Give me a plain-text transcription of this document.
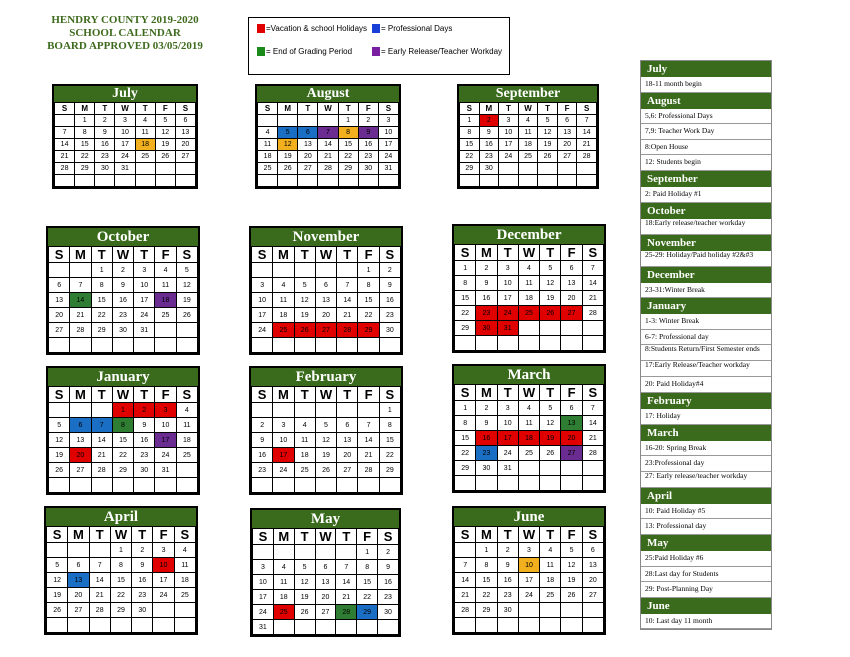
HENDRY COUNTY 2019-2020
SCHOOL CALENDAR
BOARD APPROVED 03/05/2019
=Vacation & school Holidays = Professional Days
= End of Grading Period	= Early Release/Teacher Workday
July
S	M	T	W	T	F	S
	1	2	3	4	5	6
7	8	9	10	11	12	13
14	15	16	17	18	19	20
21	22	23	24	25	26	27
28	29	30	31			

August
S	M	T	W	T	F	S
				1	2	3
4	5	6	7	8	9	10
11	12	13	14	15	16	17
18	19	20	21	22	23	24
25	26	27	28	29	30	31

September
S	M	T	W	T	F	S
1	2	3	4	5	6	7
8	9	10	11	12	13	14
15	16	17	18	19	20	21
22	23	24	25	26	27	28
29	30					

October
S	M	T	W	T	F	S
		1	2	3	4	5
6	7	8	9	10	11	12
13	14	15	16	17	18	19
20	21	22	23	24	25	26
27	28	29	30	31		

November
S	M	T	W	T	F	S
					1	2
3	4	5	6	7	8	9
10	11	12	13	14	15	16
17	18	19	20	21	22	23
24	25	26	27	28	29	30

December
S	M	T	W	T	F	S
1	2	3	4	5	6	7
8	9	10	11	12	13	14
15	16	17	18	19	20	21
22	23	24	25	26	27	28
29	30	31				

January
S	M	T	W	T	F	S
			1	2	3	4
5	6	7	8	9	10	11
12	13	14	15	16	17	18
19	20	21	22	23	24	25
26	27	28	29	30	31	

February
S	M	T	W	T	F	S
						1
2	3	4	5	6	7	8
9	10	11	12	13	14	15
16	17	18	19	20	21	22
23	24	25	26	27	28	29

March
S	M	T	W	T	F	S
1	2	3	4	5	6	7
8	9	10	11	12	13	14
15	16	17	18	19	20	21
22	23	24	25	26	27	28
29	30	31				

April
S	M	T	W	T	F	S
			1	2	3	4
5	6	7	8	9	10	11
12	13	14	15	16	17	18
19	20	21	22	23	24	25
26	27	28	29	30		

May
S	M	T	W	T	F	S
					1	2
3	4	5	6	7	8	9
10	11	12	13	14	15	16
17	18	19	20	21	22	23
24	25	26	27	28	29	30
31						
June
S	M	T	W	T	F	S
	1	2	3	4	5	6
7	8	9	10	11	12	13
14	15	16	17	18	19	20
21	22	23	24	25	26	27
28	29	30				

July
18-11 month begin
August
5,6: Professional Days
7,9: Teacher Work Day
8:Open House
12: Students begin
September
2: Paid Holiday #1
October
18:Early release/teacher workday
November
25-29: Holiday/Paid holiday #2&#3
December
23-31:Winter Break
January
1-3: Winter Break
6-7: Professional day
8:Students Return/First Semester ends
17:Early Release/Teacher workday
20: Paid Holiday#4
February
17: Holiday
March
16-20: Spring Break
23:Professional day
27: Early release/teacher workday
April
10: Paid Holiday #5
13: Professional day
May
25:Paid Holiday #6
28:Last day for Students
29: Post-Planning Day
June
10: Last day 11 month
